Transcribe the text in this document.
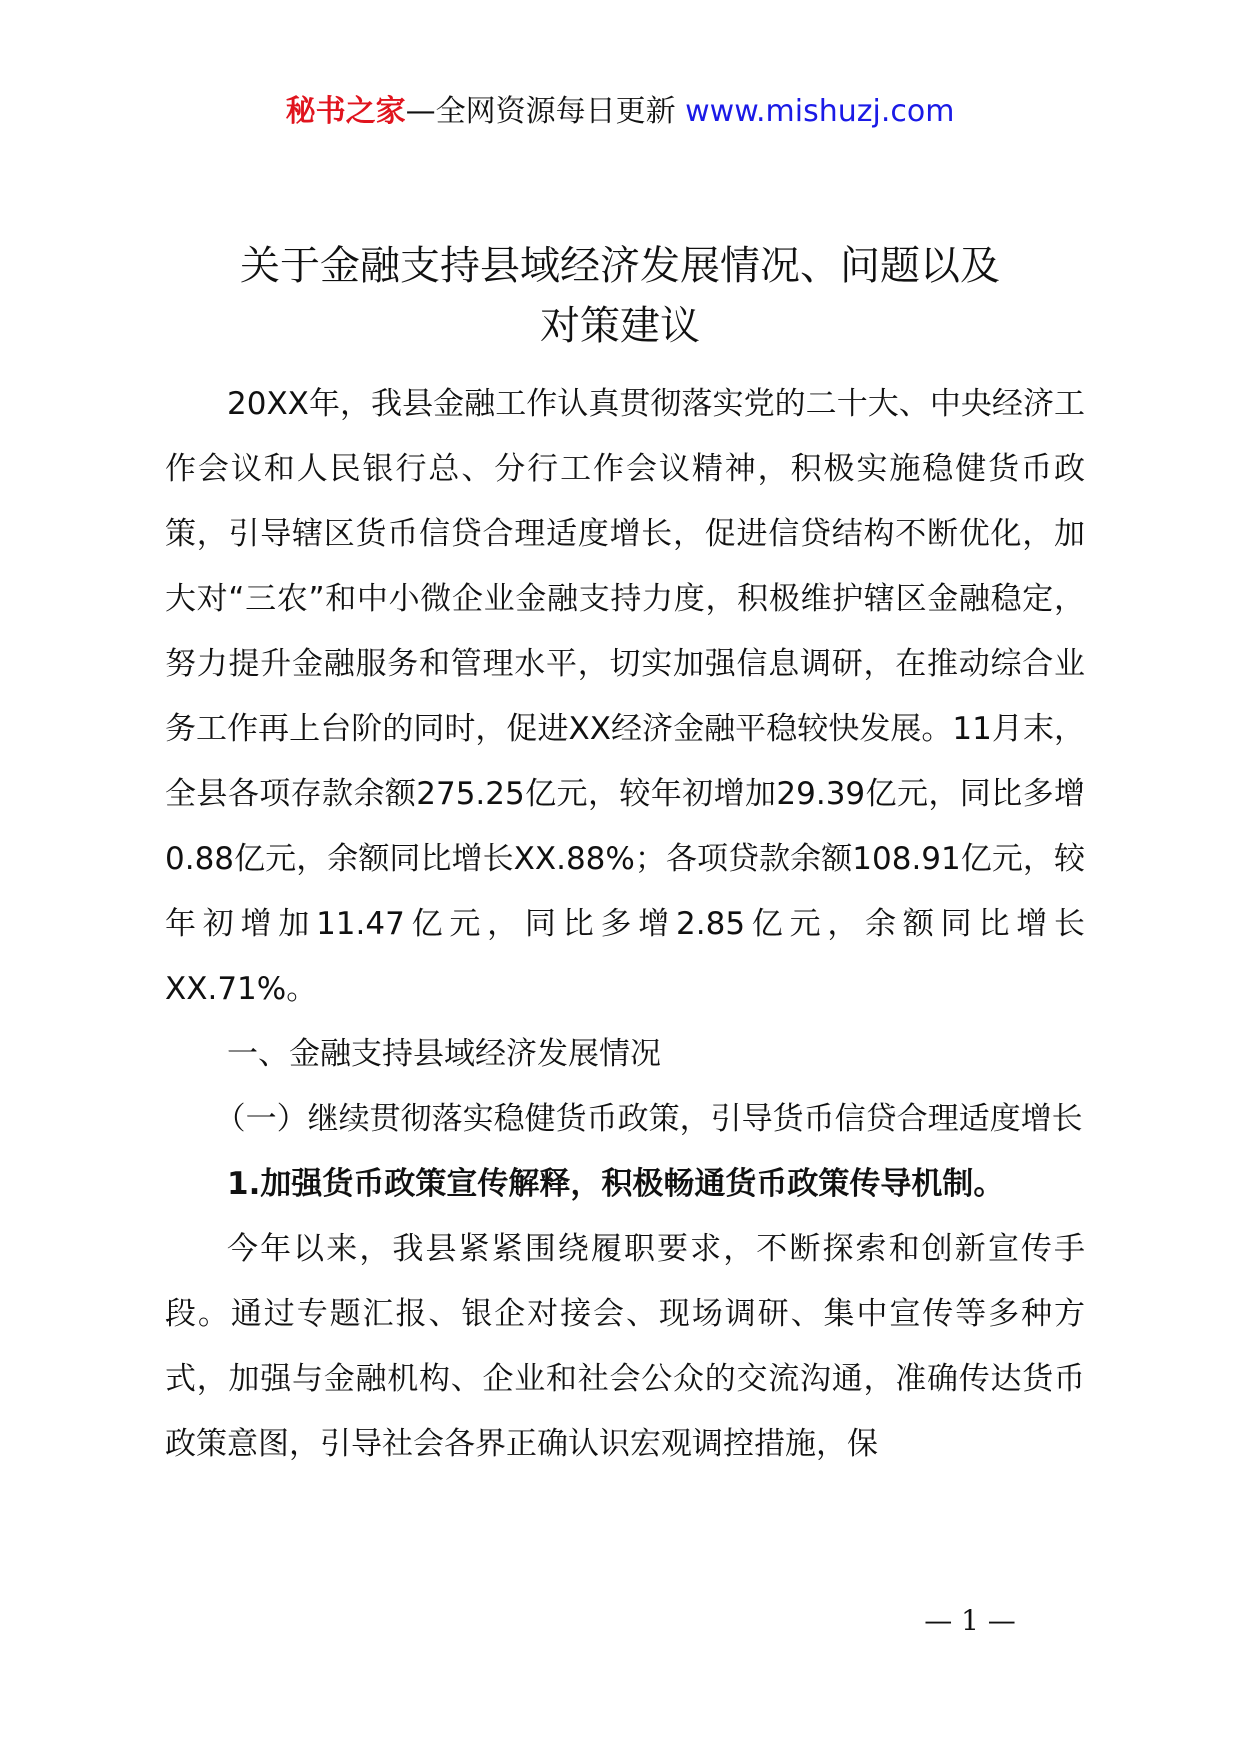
秘书之家—全网资源每日更新 www.mishuzj.com
关于金融支持县域经济发展情况、问题以及
对策建议

20XX年，我县金融工作认真贯彻落实党的二十大、中央经济工作会议和人民银行总、分行工作会议精神，积极实施稳健货币政策，引导辖区货币信贷合理适度增长，促进信贷结构不断优化，加大对“三农”和中小微企业金融支持力度，积极维护辖区金融稳定，努力提升金融服务和管理水平，切实加强信息调研，在推动综合业务工作再上台阶的同时，促进XX经济金融平稳较快发展。11月末，全县各项存款余额275.25亿元，较年初增加29.39亿元，同比多增0.88亿元，余额同比增长XX.88%；各项贷款余额108.91亿元，较年初增加11.47亿元，同比多增2.85亿元，余额同比增长XX.71%。

一、金融支持县域经济发展情况

（一）继续贯彻落实稳健货币政策，引导货币信贷合理适度增长

1.加强货币政策宣传解释，积极畅通货币政策传导机制。

今年以来，我县紧紧围绕履职要求，不断探索和创新宣传手段。通过专题汇报、银企对接会、现场调研、集中宣传等多种方式，加强与金融机构、企业和社会公众的交流沟通，准确传达货币政策意图，引导社会各界正确认识宏观调控措施，保

— 1 —
